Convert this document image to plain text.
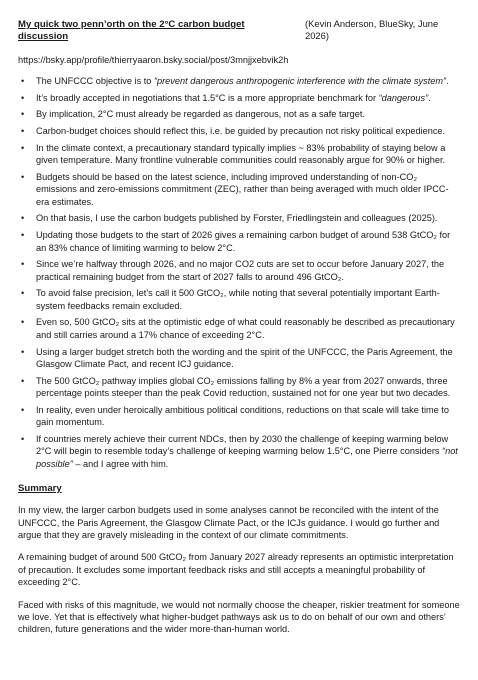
My quick two penn’orth on the 2°C carbon budget discussion
(Kevin Anderson, BlueSky, June 2026)
https://bsky.app/profile/thierryaaron.bsky.social/post/3mnjjxebvik2h
• The UNFCCC objective is to “prevent dangerous anthropogenic interference with the climate system”.
• It’s broadly accepted in negotiations that 1.5°C is a more appropriate benchmark for “dangerous”.
• By implication, 2°C must already be regarded as dangerous, not as a safe target.
• Carbon-budget choices should reflect this, i.e. be guided by precaution not risky political expedience.
• In the climate context, a precautionary standard typically implies ~ 83% probability of staying below a given temperature. Many frontline vulnerable communities could reasonably argue for 90% or higher.
• Budgets should be based on the latest science, including improved understanding of non-CO₂ emissions and zero-emissions commitment (ZEC), rather than being averaged with much older IPCC-era estimates.
• On that basis, I use the carbon budgets published by Forster, Friedlingstein and colleagues (2025).
• Updating those budgets to the start of 2026 gives a remaining carbon budget of around 538 GtCO₂ for an 83% chance of limiting warming to below 2°C.
• Since we’re halfway through 2026, and no major CO2 cuts are set to occur before January 2027, the practical remaining budget from the start of 2027 falls to around 496 GtCO₂.
• To avoid false precision, let’s call it 500 GtCO₂, while noting that several potentially important Earth-system feedbacks remain excluded.
• Even so, 500 GtCO₂ sits at the optimistic edge of what could reasonably be described as precautionary and still carries around a 17% chance of exceeding 2°C.
• Using a larger budget stretch both the wording and the spirit of the UNFCCC, the Paris Agreement, the Glasgow Climate Pact, and recent ICJ guidance.
• The 500 GtCO₂ pathway implies global CO₂ emissions falling by 8% a year from 2027 onwards, three percentage points steeper than the peak Covid reduction, sustained not for one year but two decades.
• In reality, even under heroically ambitious political conditions, reductions on that scale will take time to gain momentum.
• If countries merely achieve their current NDCs, then by 2030 the challenge of keeping warming below 2°C will begin to resemble today’s challenge of keeping warming below 1.5°C, one Pierre considers “not possible” – and I agree with him.
Summary
In my view, the larger carbon budgets used in some analyses cannot be reconciled with the intent of the UNFCCC, the Paris Agreement, the Glasgow Climate Pact, or the ICJs guidance. I would go further and argue that they are gravely misleading in the context of our climate commitments.
A remaining budget of around 500 GtCO₂ from January 2027 already represents an optimistic interpretation of precaution. It excludes some important feedback risks and still accepts a meaningful probability of exceeding 2°C.
Faced with risks of this magnitude, we would not normally choose the cheaper, riskier treatment for someone we love. Yet that is effectively what higher-budget pathways ask us to do on behalf of our own and others’ children, future generations and the wider more-than-human world.
